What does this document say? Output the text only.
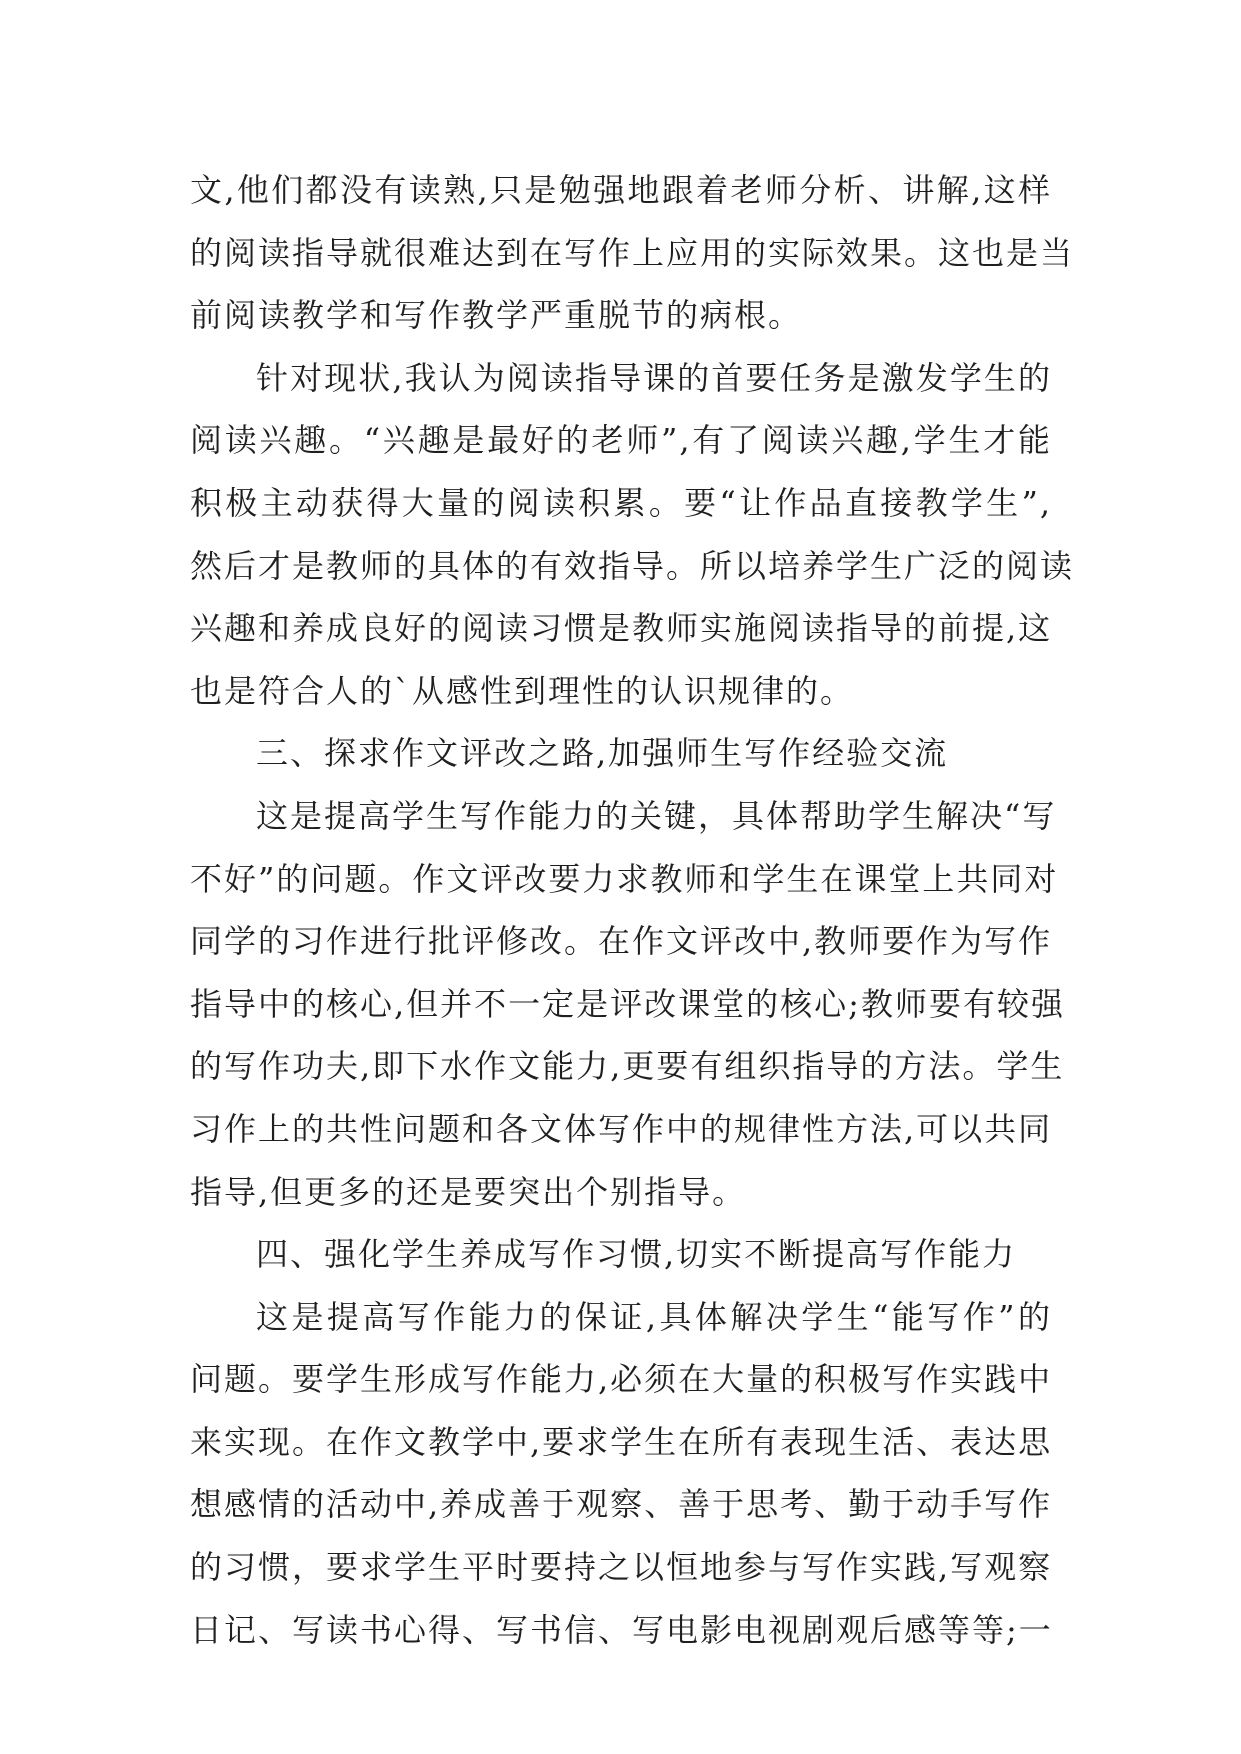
文,他们都没有读熟,只是勉强地跟着老师分析、讲解,这样
的阅读指导就很难达到在写作上应用的实际效果。这也是当
前阅读教学和写作教学严重脱节的病根。
针对现状,我认为阅读指导课的首要任务是激发学生的
阅读兴趣。“兴趣是最好的老师”,有了阅读兴趣,学生才能
积极主动获得大量的阅读积累。要“让作品直接教学生”,
然后才是教师的具体的有效指导。所以培养学生广泛的阅读
兴趣和养成良好的阅读习惯是教师实施阅读指导的前提,这
也是符合人的`从感性到理性的认识规律的。
三、探求作文评改之路,加强师生写作经验交流
这是提高学生写作能力的关键，具体帮助学生解决“写
不好”的问题。作文评改要力求教师和学生在课堂上共同对
同学的习作进行批评修改。在作文评改中,教师要作为写作
指导中的核心,但并不一定是评改课堂的核心;教师要有较强
的写作功夫,即下水作文能力,更要有组织指导的方法。学生
习作上的共性问题和各文体写作中的规律性方法,可以共同
指导,但更多的还是要突出个别指导。
四、强化学生养成写作习惯,切实不断提高写作能力
这是提高写作能力的保证,具体解决学生“能写作”的
问题。要学生形成写作能力,必须在大量的积极写作实践中
来实现。在作文教学中,要求学生在所有表现生活、表达思
想感情的活动中,养成善于观察、善于思考、勤于动手写作
的习惯，要求学生平时要持之以恒地参与写作实践,写观察
日记、写读书心得、写书信、写电影电视剧观后感等等;一
